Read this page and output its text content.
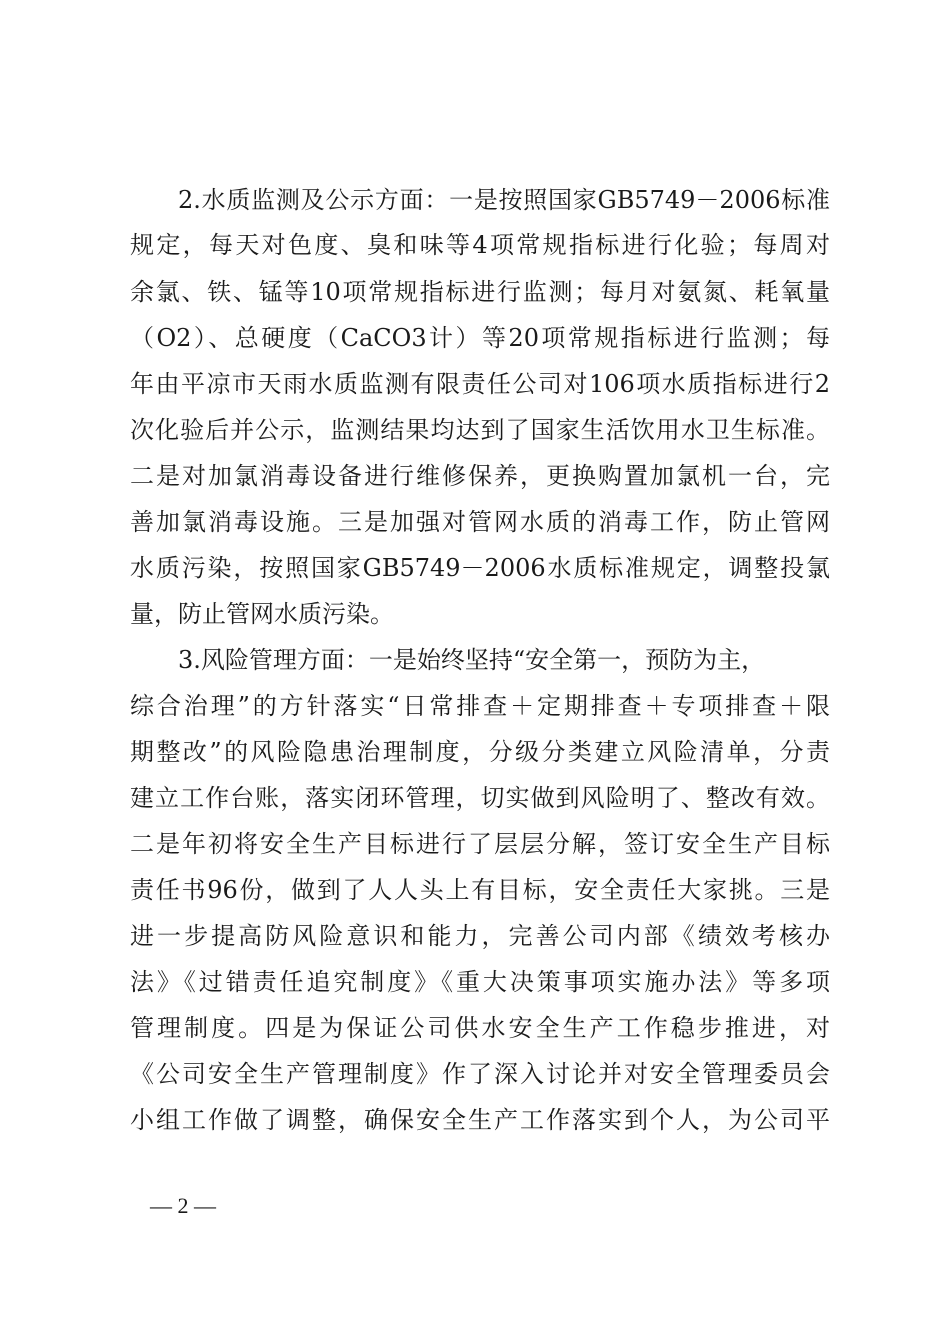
2.水质监测及公示方面：一是按照国家GB5749－2006标准
规定，每天对色度、臭和味等4项常规指标进行化验；每周对
余氯、铁、锰等10项常规指标进行监测；每月对氨氮、耗氧量
（O2）、总硬度（CaCO3计）等20项常规指标进行监测；每
年由平凉市天雨水质监测有限责任公司对106项水质指标进行2
次化验后并公示，监测结果均达到了国家生活饮用水卫生标准。
二是对加氯消毒设备进行维修保养，更换购置加氯机一台，完
善加氯消毒设施。三是加强对管网水质的消毒工作，防止管网
水质污染，按照国家GB5749－2006水质标准规定，调整投氯
量，防止管网水质污染。
3.风险管理方面：一是始终坚持“安全第一，预防为主，
综合治理”的方针落实“日常排查＋定期排查＋专项排查＋限
期整改”的风险隐患治理制度，分级分类建立风险清单，分责
建立工作台账，落实闭环管理，切实做到风险明了、整改有效。
二是年初将安全生产目标进行了层层分解，签订安全生产目标
责任书96份，做到了人人头上有目标，安全责任大家挑。三是
进一步提高防风险意识和能力，完善公司内部《绩效考核办
法》《过错责任追究制度》《重大决策事项实施办法》等多项
管理制度。四是为保证公司供水安全生产工作稳步推进，对
《公司安全生产管理制度》作了深入讨论并对安全管理委员会
小组工作做了调整，确保安全生产工作落实到个人，为公司平
— 2 —
